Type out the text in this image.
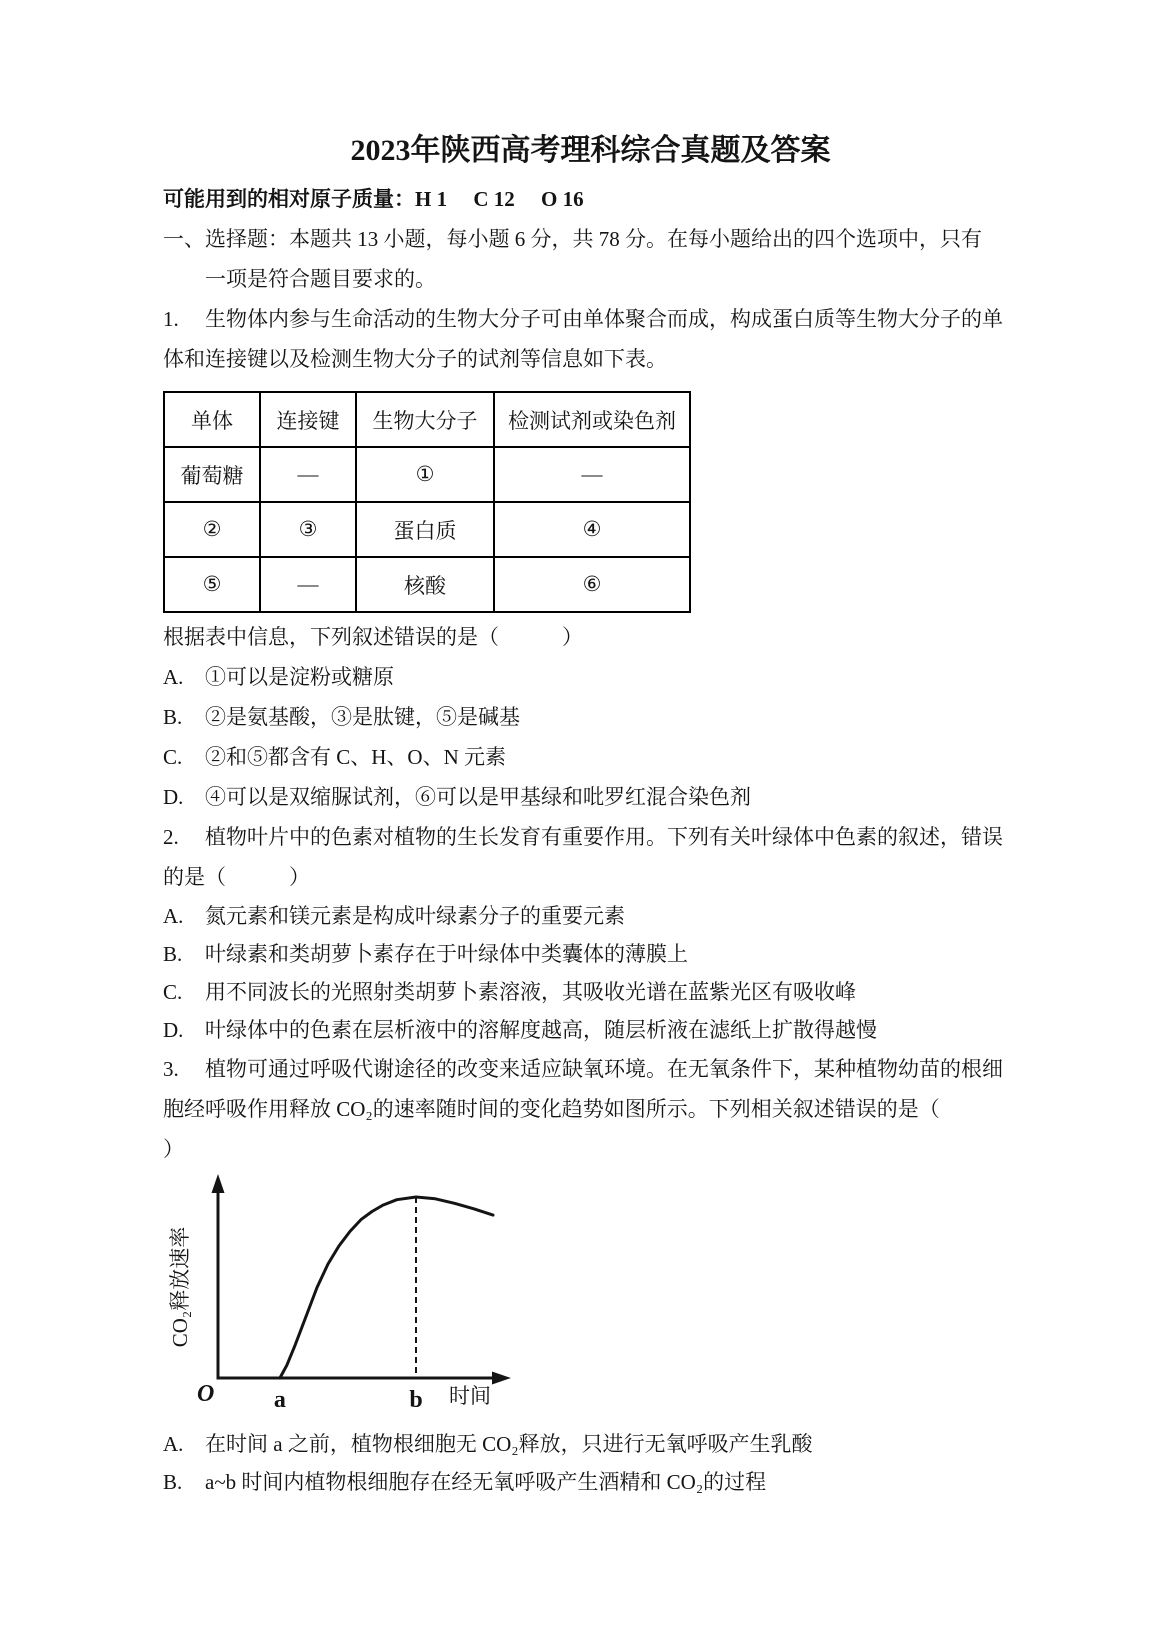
2023年陕西高考理科综合真题及答案
可能用到的相对原子质量：H 1　 C 12　 O 16
一、选择题：本题共 13 小题，每小题 6 分，共 78 分。在每小题给出的四个选项中，只有
一项是符合题目要求的。
1. 生物体内参与生命活动的生物大分子可由单体聚合而成，构成蛋白质等生物大分子的单
体和连接键以及检测生物大分子的试剂等信息如下表。
单体	连接键	生物大分子	检测试剂或染色剂
葡萄糖	—	①	—
②	③	蛋白质	④
⑤	—	核酸	⑥
根据表中信息，下列叙述错误的是（　　　）
A. ①可以是淀粉或糖原
B. ②是氨基酸，③是肽键，⑤是碱基
C. ②和⑤都含有 C、H、O、N 元素
D. ④可以是双缩脲试剂，⑥可以是甲基绿和吡罗红混合染色剂
2. 植物叶片中的色素对植物的生长发育有重要作用。下列有关叶绿体中色素的叙述，错误
的是（　　　）
A. 氮元素和镁元素是构成叶绿素分子的重要元素
B. 叶绿素和类胡萝卜素存在于叶绿体中类囊体的薄膜上
C. 用不同波长的光照射类胡萝卜素溶液，其吸收光谱在蓝紫光区有吸收峰
D. 叶绿体中的色素在层析液中的溶解度越高，随层析液在滤纸上扩散得越慢
3. 植物可通过呼吸代谢途径的改变来适应缺氧环境。在无氧条件下，某种植物幼苗的根细
胞经呼吸作用释放 CO₂的速率随时间的变化趋势如图所示。下列相关叙述错误的是（
）
CO₂释放速率
O a	b 时间
A. 在时间 a 之前，植物根细胞无 CO₂释放，只进行无氧呼吸产生乳酸
B. a~b 时间内植物根细胞存在经无氧呼吸产生酒精和 CO₂的过程
